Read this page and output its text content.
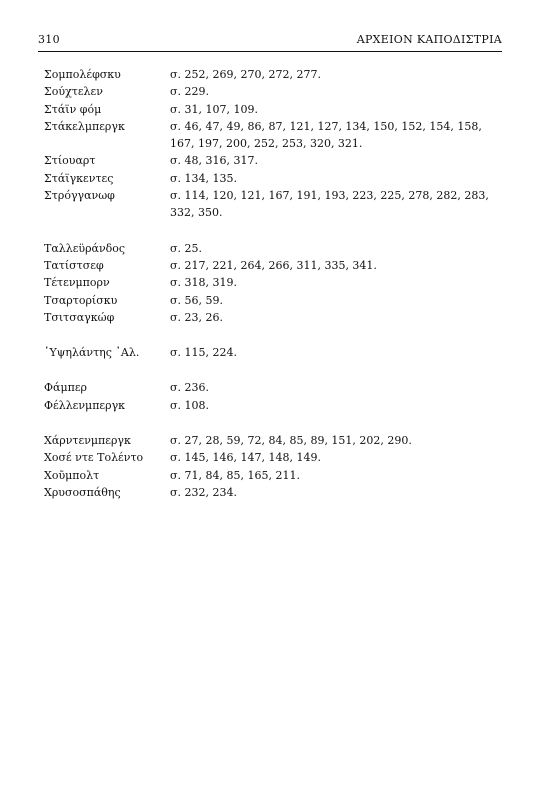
310	ΑΡΧΕΙΟΝ ΚΑΠΟΔΙΣΤΡΙΑ
Σομπολέφσκυ	σ. 252, 269, 270, 272, 277.
Σούχτελεν	σ. 229.
Στάϊν φόμ	σ. 31, 107, 109.
Στάκελμπεργκ	σ. 46, 47, 49, 86, 87, 121, 127, 134, 150, 152, 154, 158, 167, 197, 200, 252, 253, 320, 321.
Στίουαρτ	σ. 48, 316, 317.
Στάϊγκεντες	σ. 134, 135.
Στρόγγανωφ	σ. 114, 120, 121, 167, 191, 193, 223, 225, 278, 282, 283, 332, 350.
Ταλλεϋράνδος	σ. 25.
Τατίστσεφ	σ. 217, 221, 264, 266, 311, 335, 341.
Τέτενμπορν	σ. 318, 319.
Τσαρτορίσκυ	σ. 56, 59.
Τσιτσαγκώφ	σ. 23, 26.
῾Υψηλάντης ᾿Αλ.	σ. 115, 224.
Φάμπερ	σ. 236.
Φέλλενμπεργκ	σ. 108.
Χάρντενμπεργκ	σ. 27, 28, 59, 72, 84, 85, 89, 151, 202, 290.
Χοσέ ντε Τολέντο	σ. 145, 146, 147, 148, 149.
Χοῦμπολτ	σ. 71, 84, 85, 165, 211.
Χρυσοσπάθης	σ. 232, 234.
